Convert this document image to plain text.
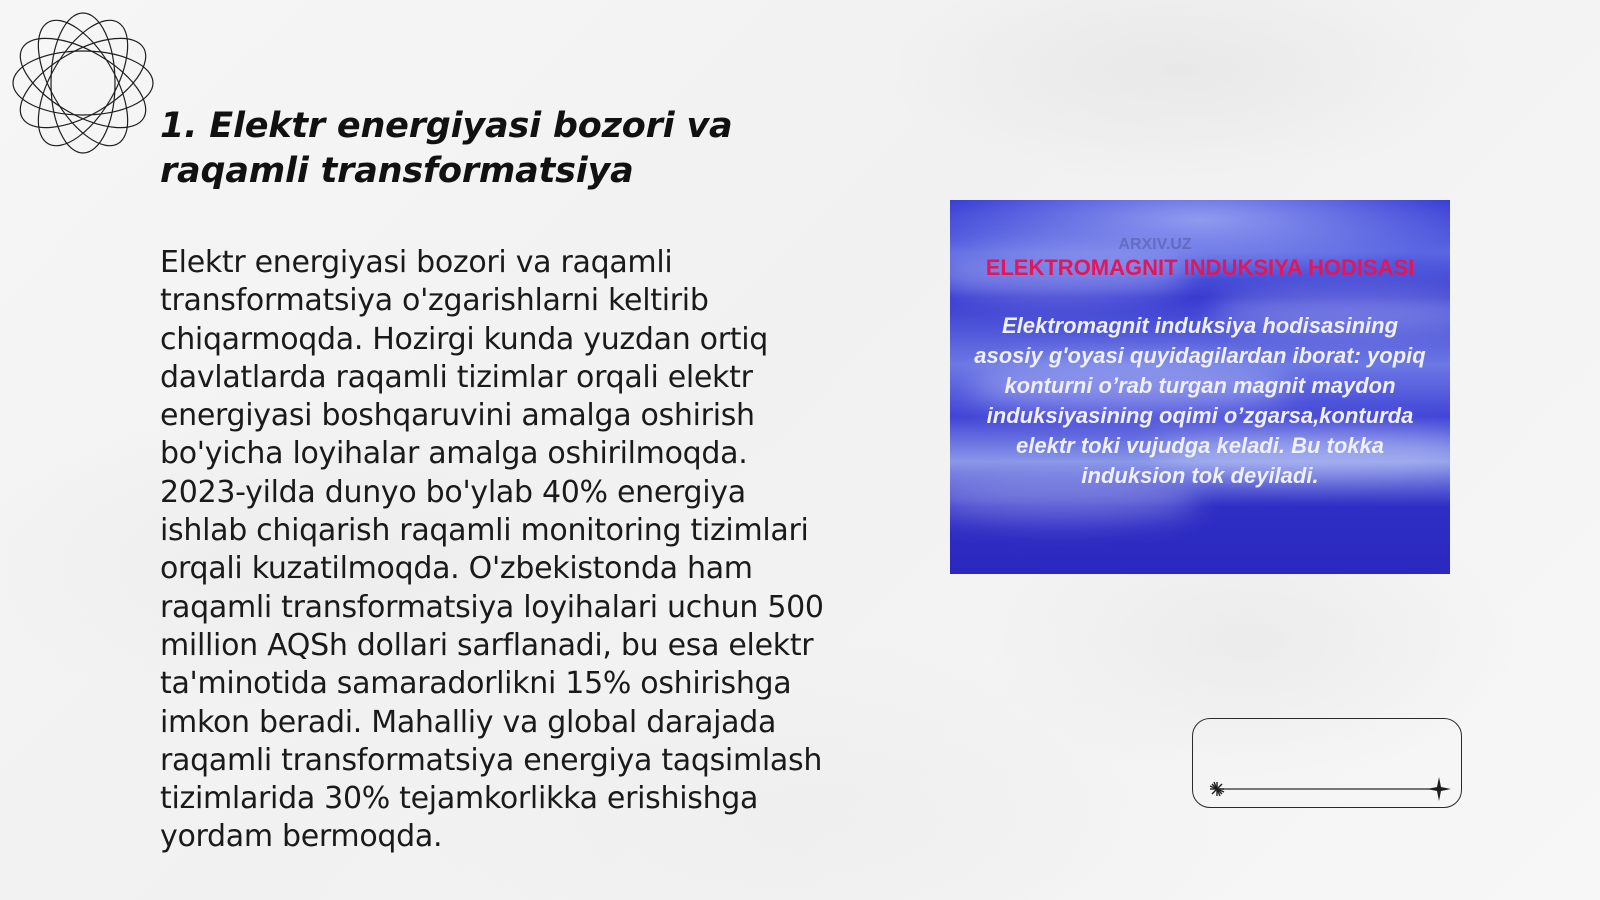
1. Elektr energiyasi bozori va raqamli transformatsiya

Elektr energiyasi bozori va raqamli transformatsiya o'zgarishlarni keltirib chiqarmoqda. Hozirgi kunda yuzdan ortiq davlatlarda raqamli tizimlar orqali elektr energiyasi boshqaruvini amalga oshirish bo'yicha loyihalar amalga oshirilmoqda. 2023-yilda dunyo bo'ylab 40% energiya ishlab chiqarish raqamli monitoring tizimlari orqali kuzatilmoqda. O'zbekistonda ham raqamli transformatsiya loyihalari uchun 500 million AQSh dollari sarflanadi, bu esa elektr ta'minotida samaradorlikni 15% oshirishga imkon beradi. Mahalliy va global darajada raqamli transformatsiya energiya taqsimlash tizimlarida 30% tejamkorlikka erishishga yordam bermoqda.

ARXIV.UZ

ELEKTROMAGNIT INDUKSIYA HODISASI

Elektromagnit induksiya hodisasining asosiy g'oyasi quyidagilardan iborat: yopiq konturni o’rab turgan magnit maydon induksiyasining oqimi o’zgarsa,konturda elektr toki vujudga keladi. Bu tokka induksion tok deyiladi.
